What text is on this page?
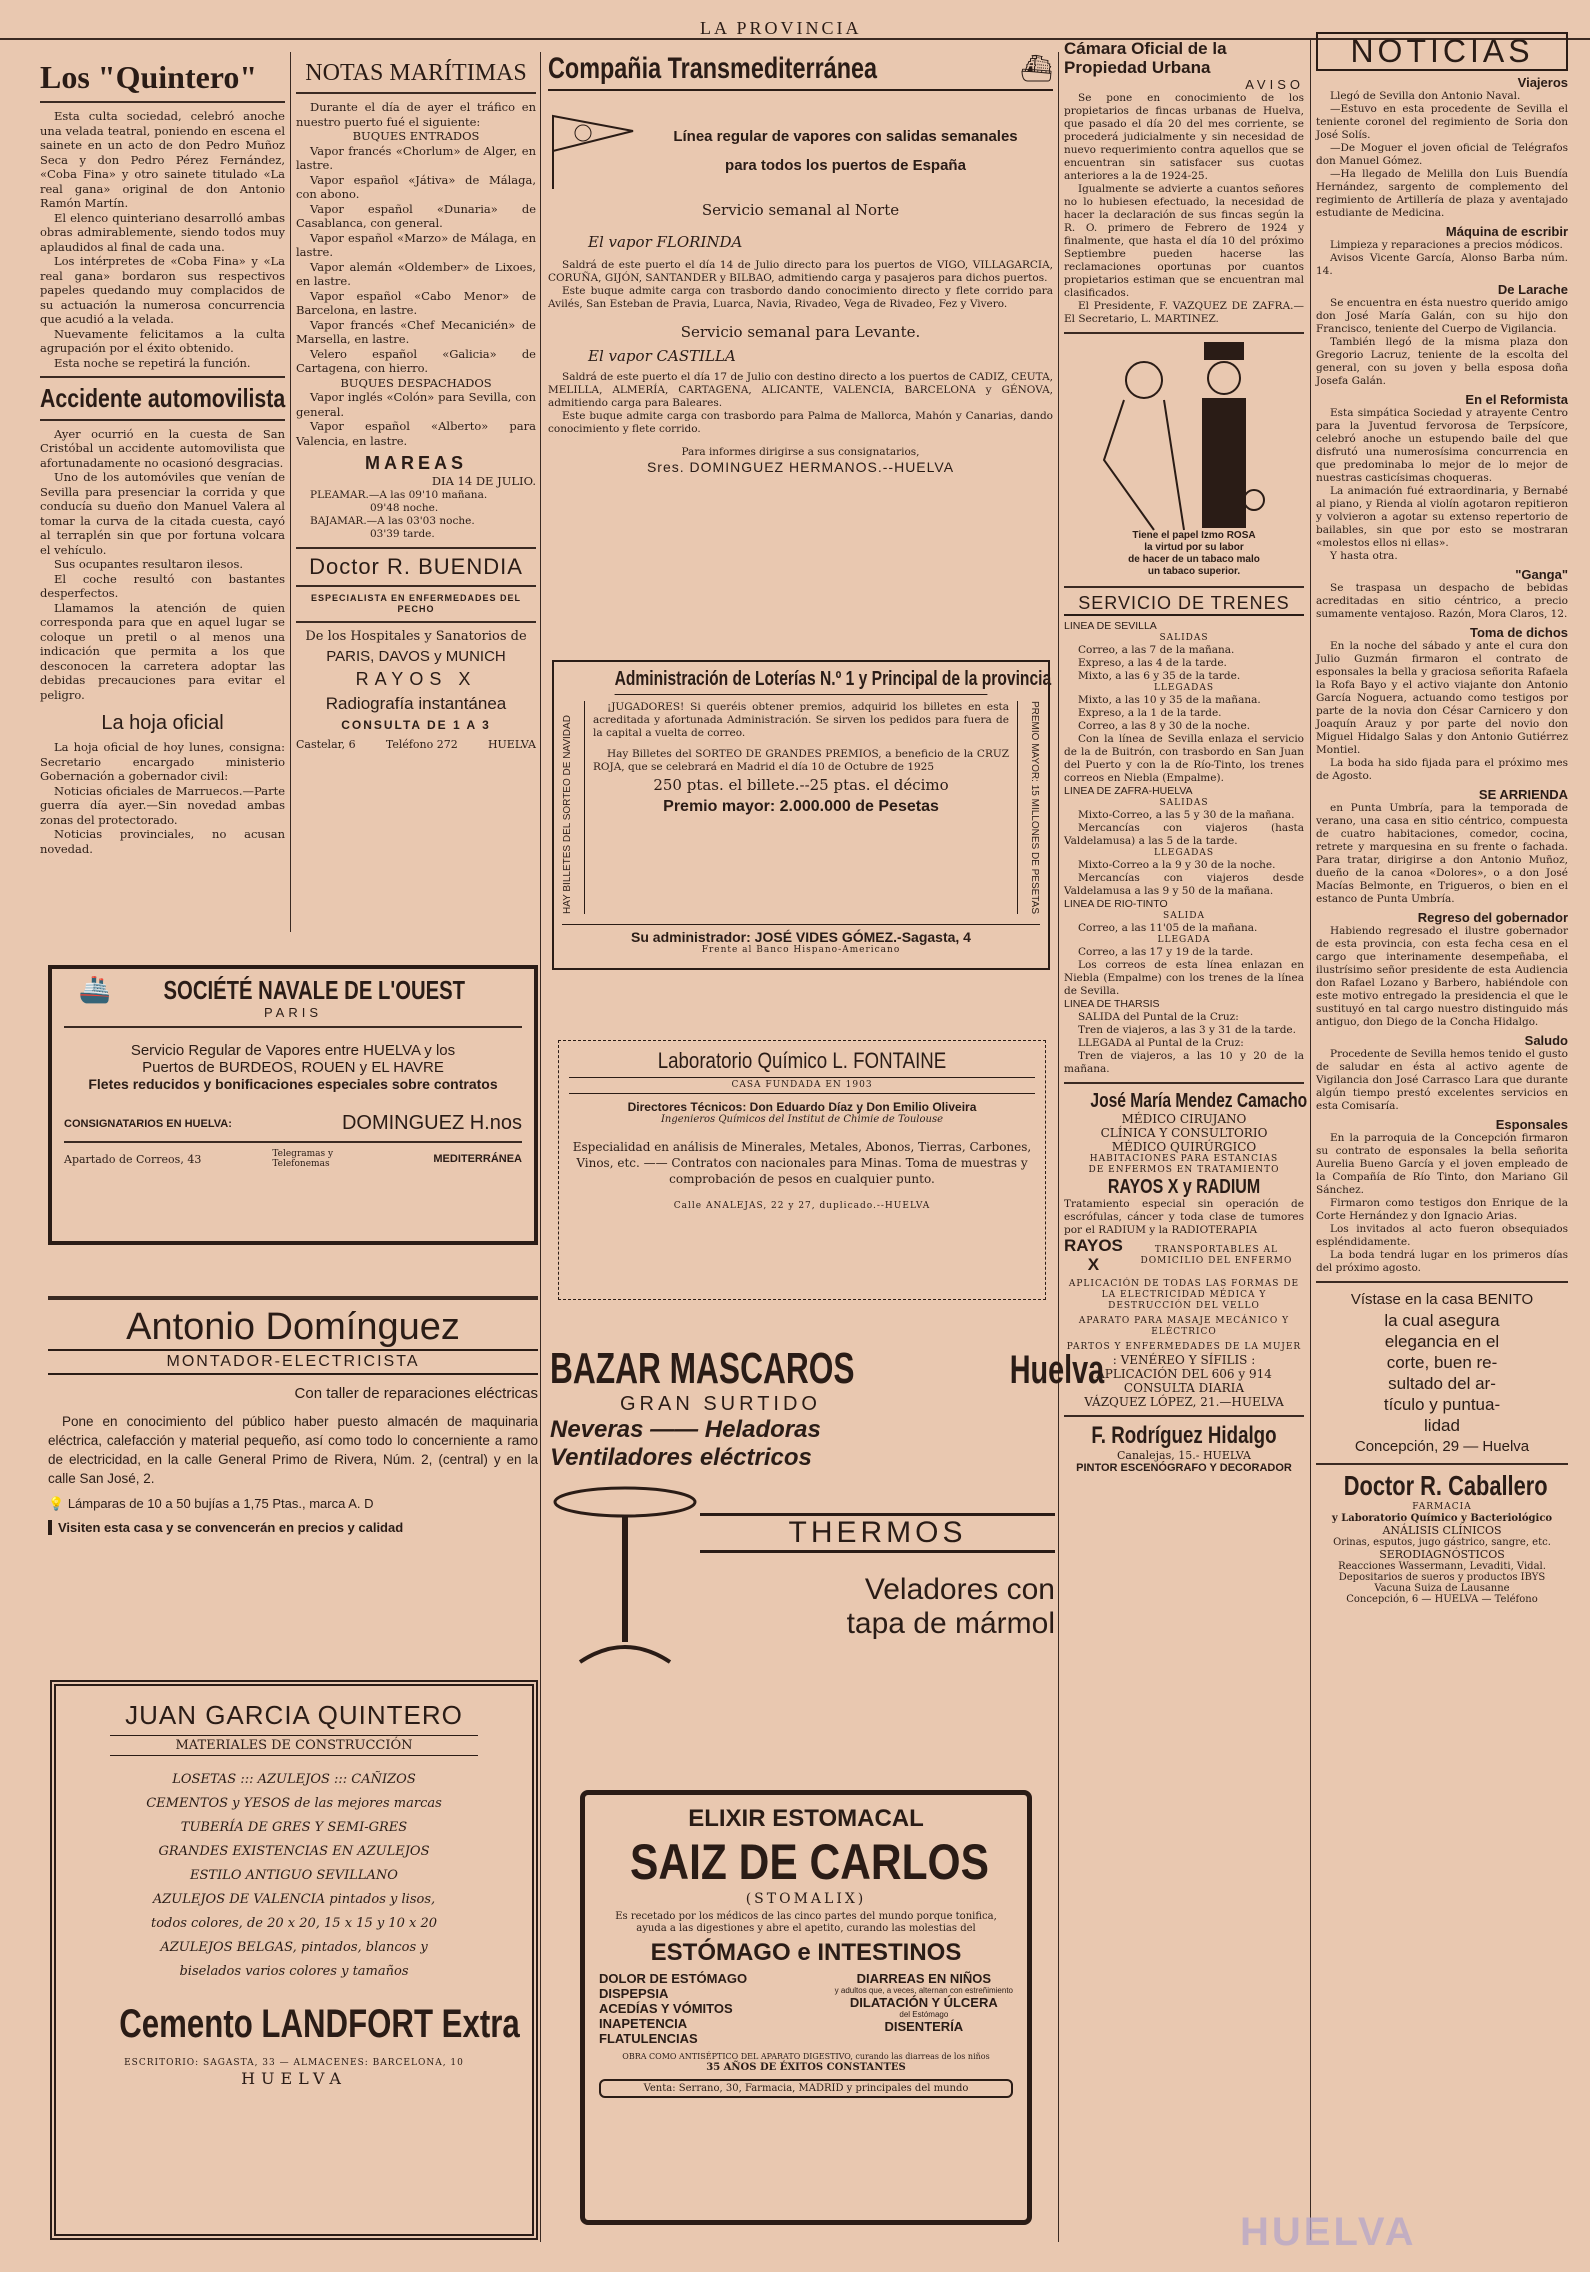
LA PROVINCIA
Los "Quintero"

Esta culta sociedad, celebró anoche una velada teatral, poniendo en escena el sainete en un acto de don Pedro Muñoz Seca y don Pedro Pérez Fernández, «Coba Fina» y otro sainete titulado «La real gana» original de don Antonio Ramón Martín.

El elenco quinteriano desarrolló ambas obras admirablemente, siendo todos muy aplaudidos al final de cada una.

Los intérpretes de «Coba Fina» y «La real gana» bordaron sus respectivos papeles quedando muy complacidos de su actuación la numerosa concurrencia que acudió a la velada.

Nuevamente felicitamos a la culta agrupación por el éxito obtenido.

Esta noche se repetirá la función.

Accidente automovilista

Ayer ocurrió en la cuesta de San Cristóbal un accidente automovilista que afortunadamente no ocasionó desgracias.

Uno de los automóviles que venían de Sevilla para presenciar la corrida y que conducía su dueño don Manuel Valera al tomar la curva de la citada cuesta, cayó al terraplén sin que por fortuna volcara el vehículo.

Sus ocupantes resultaron ilesos.

El coche resultó con bastantes desperfectos.

Llamamos la atención de quien corresponda para que en aquel lugar se coloque un pretil o al menos una indicación que permita a los que desconocen la carretera adoptar las debidas precauciones para evitar el peligro.

La hoja oficial

La hoja oficial de hoy lunes, consigna: Secretario encargado ministerio Gobernación a gobernador civil:

Noticias oficiales de Marruecos.—Parte guerra día ayer.—Sin novedad ambas zonas del protectorado.

Noticias provinciales, no acusan novedad.

NOTAS MARÍTIMAS

Durante el día de ayer el tráfico en nuestro puerto fué el siguiente:

BUQUES ENTRADOS

Vapor francés «Chorlum» de Alger, en lastre.

Vapor español «Játiva» de Málaga, con abono.

Vapor español «Dunaria» de Casablanca, con general.

Vapor español «Marzo» de Málaga, en lastre.

Vapor alemán «Oldember» de Lixoes, en lastre.

Vapor español «Cabo Menor» de Barcelona, en lastre.

Vapor francés «Chef Mecanicién» de Marsella, en lastre.

Velero español «Galicia» de Cartagena, con hierro.

BUQUES DESPACHADOS

Vapor inglés «Colón» para Sevilla, con general.

Vapor español «Alberto» para Valencia, en lastre.

MAREAS

DIA 14 DE JULIO.

PLEAMAR.—A las 09'10 mañana.

09'48 noche.

BAJAMAR.—A las 03'03 noche.

03'39 tarde.

Doctor R. BUENDIA
ESPECIALISTA EN ENFERMEDADES DEL PECHO
De los Hospitales y Sanatorios de
PARIS, DAVOS y MUNICH
RAYOS X
Radiografía instantánea
CONSULTA DE 1 A 3
Castelar, 6	Teléfono 272	HUELVA
Compañia Transmediterránea	⛴
Línea regular de vapores con salidas semanales
para todos los puertos de España
Servicio semanal al Norte
El vapor FLORINDA

Saldrá de este puerto el día 14 de Julio directo para los puertos de VIGO, VILLAGARCIA, CORUÑA, GIJÓN, SANTANDER y BILBAO, admitiendo carga y pasajeros para dichos puertos.

Este buque admite carga con trasbordo dando conocimiento directo y flete corrido para Avilés, San Esteban de Pravia, Luarca, Navia, Rivadeo, Vega de Rivadeo, Fez y Vivero.

Servicio semanal para Levante.
El vapor CASTILLA

Saldrá de este puerto el día 17 de Julio con destino directo a los puertos de CADIZ, CEUTA, MELILLA, ALMERÍA, CARTAGENA, ALICANTE, VALENCIA, BARCELONA y GÉNOVA, admitiendo carga para Baleares.

Este buque admite carga con trasbordo para Palma de Mallorca, Mahón y Canarias, dando conocimiento y flete corrido.

Para informes dirigirse a sus consignatarios,
Sres. DOMINGUEZ HERMANOS.--HUELVA
Administración de Loterías N.º 1 y Principal de la provincia
HAY BILLETES DEL SORTEO DE NAVIDAD

¡JUGADORES! Si queréis obtener premios, adquirid los billetes en esta acreditada y afortunada Administración. Se sirven los pedidos para fuera de la capital a vuelta de correo.

Hay Billetes del SORTEO DE GRANDES PREMIOS, a beneficio de la CRUZ ROJA, que se celebrará en Madrid el día 10 de Octubre de 1925

250 ptas. el billete.--25 ptas. el décimo
Premio mayor: 2.000.000 de Pesetas	PREMIO MAYOR: 15 MILLONES DE PESETAS
Su administrador: JOSÉ VIDES GÓMEZ.-Sagasta, 4
Frente al Banco Hispano-Americano
🚢 SOCIÉTÉ NAVALE DE L'OUEST
PARIS
Servicio Regular de Vapores entre HUELVA y los
Puertos de BURDEOS, ROUEN y EL HAVRE
Fletes reducidos y bonificaciones especiales sobre contratos
CONSIGNATARIOS EN HUELVA:	DOMINGUEZ H.nos
Apartado de Correos, 43	Telegramas y Telefonemas	MEDITERRÁNEA
Laboratorio Químico L. FONTAINE
CASA FUNDADA EN 1903
Directores Técnicos: Don Eduardo Díaz y Don Emilio Oliveira
Ingenieros Químicos del Institut de Chimie de Toulouse

Especialidad en análisis de Minerales, Metales, Abonos, Tierras, Carbones, Vinos, etc. —— Contratos con nacionales para Minas. Toma de muestras y comprobación de pesos en cualquier punto.

Calle ANALEJAS, 22 y 27, duplicado.--HUELVA
Antonio Domínguez
MONTADOR-ELECTRICISTA
Con taller de reparaciones eléctricas

Pone en conocimiento del público haber puesto almacén de maquinaria eléctrica, calefacción y material pequeño, así como todo lo concerniente a ramo de electricidad, en la calle General Primo de Rivera, Núm. 2, (central) y en la calle San José, 2.

💡 Lámparas de 10 a 50 bujías a 1,75 Ptas., marca A. D
Visiten esta casa y se convencerán en precios y calidad
JUAN GARCIA QUINTERO
MATERIALES DE CONSTRUCCIÓN
LOSETAS ::: AZULEJOS ::: CAÑIZOS
CEMENTOS y YESOS de las mejores marcas
TUBERÍA DE GRES Y SEMI-GRES
GRANDES EXISTENCIAS EN AZULEJOS
ESTILO ANTIGUO SEVILLANO
AZULEJOS DE VALENCIA pintados y lisos,
todos colores, de 20 x 20, 15 x 15 y 10 x 20
AZULEJOS BELGAS, pintados, blancos y
biselados varios colores y tamaños
Cemento LANDFORT Extra
ESCRITORIO: SAGASTA, 33 — ALMACENES: BARCELONA, 10
HUELVA
BAZAR MASCAROS	Huelva
GRAN SURTIDO
Neveras —— Heladoras
Ventiladores eléctricos
THERMOS
Veladores con
tapa de mármol
ELIXIR ESTOMACAL
SAIZ DE CARLOS
(STOMALIX)

Es recetado por los médicos de las cinco partes del mundo porque tonifica, ayuda a las digestiones y abre el apetito, curando las molestias del

ESTÓMAGO e INTESTINOS
DOLOR DE ESTÓMAGO
DISPEPSIA
ACEDÍAS Y VÓMITOS
INAPETENCIA
FLATULENCIAS
DIARREAS EN NIÑOS
y adultos que, a veces, alternan con estreñimiento
DILATACIÓN Y ÚLCERA
del Estómago
DISENTERÍA
OBRA COMO ANTISÉPTICO DEL APARATO DIGESTIVO, curando las diarreas de los niños
35 AÑOS DE ÉXITOS CONSTANTES
Venta: Serrano, 30, Farmacia, MADRID y principales del mundo
Cámara Oficial de la Propiedad Urbana
AVISO

Se pone en conocimiento de los propietarios de fincas urbanas de Huelva, que pasado el día 20 del mes corriente, se procederá judicialmente y sin necesidad de nuevo requerimiento contra aquellos que se encuentran sin satisfacer sus cuotas anteriores a la de 1924-25.

Igualmente se advierte a cuantos señores no lo hubiesen efectuado, la necesidad de hacer la declaración de sus fincas según la R. O. primero de Febrero de 1924 y finalmente, que hasta el día 10 del próximo Septiembre pueden hacerse las reclamaciones oportunas por cuantos propietarios estiman que se encuentran mal clasificados.

El Presidente, F. VAZQUEZ DE ZAFRA.—El Secretario, L. MARTINEZ.

Tiene el papel Izmo ROSA
la virtud por su labor
de hacer de un tabaco malo
un tabaco superior.
SERVICIO DE TRENES
LINEA DE SEVILLA
SALIDAS

Correo, a las 7 de la mañana.

Expreso, a las 4 de la tarde.

Mixto, a las 6 y 35 de la tarde.

LLEGADAS

Mixto, a las 10 y 35 de la mañana.

Expreso, a la 1 de la tarde.

Correo, a las 8 y 30 de la noche.

Con la línea de Sevilla enlaza el servicio de la de Buitrón, con trasbordo en San Juan del Puerto y con la de Río-Tinto, los trenes correos en Niebla (Empalme).

LINEA DE ZAFRA-HUELVA
SALIDAS

Mixto-Correo, a las 5 y 30 de la mañana.

Mercancías con viajeros (hasta Valdelamusa) a las 5 de la tarde.

LLEGADAS

Mixto-Correo a la 9 y 30 de la noche.

Mercancías con viajeros desde Valdelamusa a las 9 y 50 de la mañana.

LINEA DE RIO-TINTO
SALIDA

Correo, a las 11'05 de la mañana.

LLEGADA

Correo, a las 17 y 19 de la tarde.

Los correos de esta línea enlazan en Niebla (Empalme) con los trenes de la línea de Sevilla.

LINEA DE THARSIS

SALIDA del Puntal de la Cruz:

Tren de viajeros, a las 3 y 31 de la tarde.

LLEGADA al Puntal de la Cruz:

Tren de viajeros, a las 10 y 20 de la mañana.

José María Mendez Camacho
MÉDICO CIRUJANO
CLÍNICA Y CONSULTORIO
MÉDICO QUIRÚRGICO
HABITACIONES PARA ESTANCIAS
DE ENFERMOS EN TRATAMIENTO
RAYOS X y RADIUM

Tratamiento especial sin operación de escrófulas, cáncer y toda clase de tumores por el RADIUM y la RADIOTERAPIA

RAYOS X
TRANSPORTABLES AL DOMICILIO DEL ENFERMO
APLICACIÓN DE TODAS LAS FORMAS DE LA ELECTRICIDAD MÉDICA Y DESTRUCCIÓN DEL VELLO
APARATO PARA MASAJE MECÁNICO Y ELÉCTRICO
PARTOS Y ENFERMEDADES DE LA MUJER
: VENÉREO Y SÍFILIS :
APLICACIÓN DEL 606 y 914
CONSULTA DIARIA
VÁZQUEZ LÓPEZ, 21.—HUELVA
F. Rodríguez Hidalgo
Canalejas, 15.- HUELVA
PINTOR ESCENÓGRAFO Y DECORADOR
NOTICIAS
Viajeros

Llegó de Sevilla don Antonio Naval.

—Estuvo en esta procedente de Sevilla el teniente coronel del regimiento de Soria don José Solís.

—De Moguer el joven oficial de Telégrafos don Manuel Gómez.

—Ha llegado de Melilla don Luis Buendía Hernández, sargento de complemento del regimiento de Artillería de plaza y aventajado estudiante de Medicina.

Máquina de escribir

Limpieza y reparaciones a precios módicos.

Avisos Vicente García, Alonso Barba núm. 14.

De Larache

Se encuentra en ésta nuestro querido amigo don José María Galán, con su hijo don Francisco, teniente del Cuerpo de Vigilancia.

También llegó de la misma plaza don Gregorio Lacruz, teniente de la escolta del general, con su joven y bella esposa doña Josefa Galán.

En el Reformista

Esta simpática Sociedad y atrayente Centro para la Juventud fervorosa de Terpsícore, celebró anoche un estupendo baile del que disfrutó una numerosísima concurrencia en que predominaba lo mejor de lo mejor de nuestras casticísimas choqueras.

La animación fué extraordinaria, y Bernabé al piano, y Rienda al violín agotaron repitieron y volvieron a agotar su extenso repertorio de bailables, sin que por esto se mostraran «molestos ellos ni ellas».

Y hasta otra.

"Ganga"

Se traspasa un despacho de bebidas acreditadas en sitio céntrico, a precio sumamente ventajoso. Razón, Mora Claros, 12.

Toma de dichos

En la noche del sábado y ante el cura don Julio Guzmán firmaron el contrato de esponsales la bella y graciosa señorita Rafaela la Rofa Bayo y el activo viajante don Antonio García Noguera, actuando como testigos por parte de la novia don César Carnicero y don Joaquín Arauz y por parte del novio don Miguel Hidalgo Salas y don Antonio Gutiérrez Montiel.

La boda ha sido fijada para el próximo mes de Agosto.

SE ARRIENDA

en Punta Umbría, para la temporada de verano, una casa en sitio céntrico, compuesta de cuatro habitaciones, comedor, cocina, retrete y marquesina en su frente o fachada. Para tratar, dirigirse a don Antonio Muñoz, dueño de la canoa «Dolores», o a don José Macías Belmonte, en Trigueros, o bien en el estanco de Punta Umbría.

Regreso del gobernador

Habiendo regresado el ilustre gobernador de esta provincia, con esta fecha cesa en el cargo que interinamente desempeñaba, el ilustrísimo señor presidente de esta Audiencia don Rafael Lozano y Barbero, habiéndole con este motivo entregado la presidencia el que le sustituyó en tal cargo nuestro distinguido más antiguo, don Diego de la Concha Hidalgo.

Saludo

Procedente de Sevilla hemos tenido el gusto de saludar en ésta al activo agente de Vigilancia don José Carrasco Lara que durante algún tiempo prestó excelentes servicios en esta Comisaría.

Esponsales

En la parroquia de la Concepción firmaron su contrato de esponsales la bella señorita Aurelia Bueno García y el joven empleado de la Compañía de Río Tinto, don Mariano Gil Sánchez.

Firmaron como testigos don Enrique de la Corte Hernández y don Ignacio Arias.

Los invitados al acto fueron obsequiados espléndidamente.

La boda tendrá lugar en los primeros días del próximo agosto.

Vístase en la casa BENITO
la cual asegura
elegancia en el
corte, buen re-
sultado del ar-
tículo y puntua-
lidad
Concepción, 29 — Huelva
Doctor R. Caballero
FARMACIA
y Laboratorio Químico y Bacteriológico
ANÁLISIS CLÍNICOS
Orinas, esputos, jugo gástrico, sangre, etc.
SERODIAGNÓSTICOS
Reacciones Wassermann, Levaditi, Vidal.
Depositarios de sueros y productos IBYS
Vacuna Suiza de Lausanne
Concepción, 6 — HUELVA — Teléfono
HUELVA
